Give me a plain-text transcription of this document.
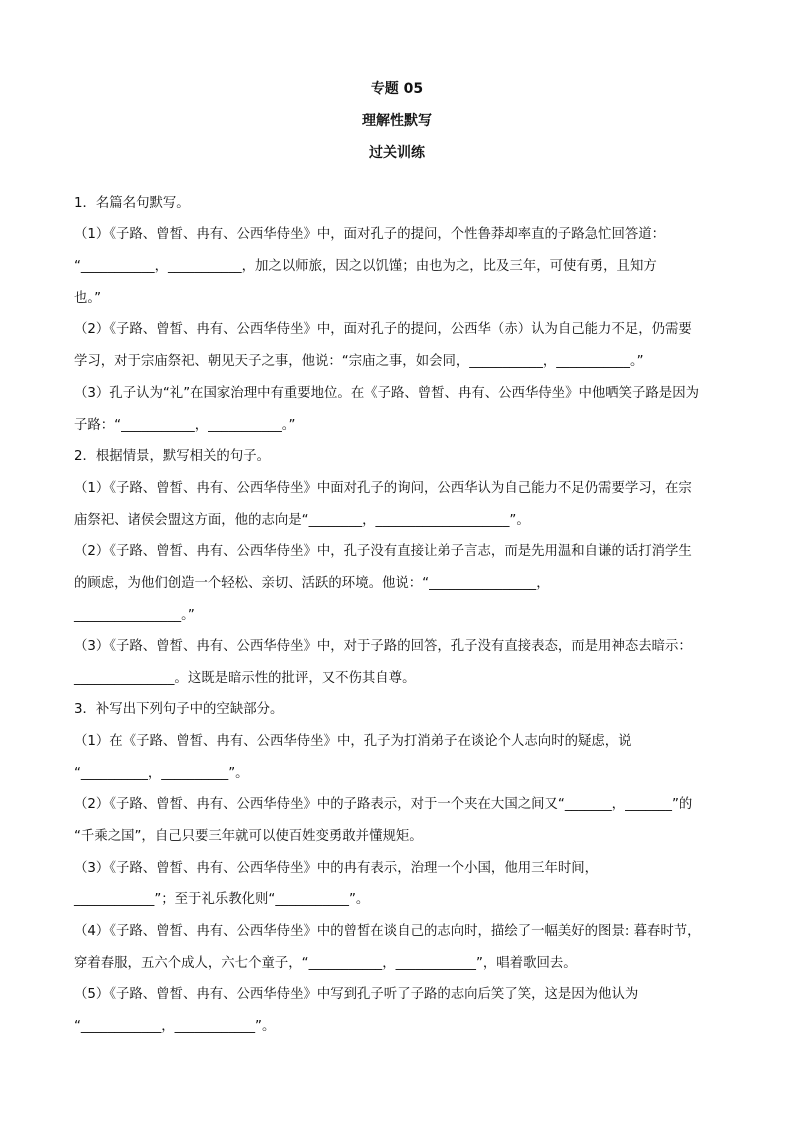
专题 05
理解性默写
过关训练
1．名篇名句默写。
（1）《子路、曾皙、冉有、公西华侍坐》中，面对孔子的提问，个性鲁莽却率直的子路急忙回答道：
“___________，___________，加之以师旅，因之以饥馑；由也为之，比及三年，可使有勇，且知方
也。”
（2）《子路、曾皙、冉有、公西华侍坐》中，面对孔子的提问，公西华（赤）认为自己能力不足，仍需要
学习，对于宗庙祭祀、朝见天子之事，他说：“宗庙之事，如会同，___________，___________。”
（3）孔子认为“礼”在国家治理中有重要地位。在《子路、曾皙、冉有、公西华侍坐》中他哂笑子路是因为
子路：“___________，___________。”
2．根据情景，默写相关的句子。
（1）《子路、曾皙、冉有、公西华侍坐》中面对孔子的询问，公西华认为自己能力不足仍需要学习，在宗
庙祭祀、诸侯会盟这方面，他的志向是“________，____________________”。
（2）《子路、曾皙、冉有、公西华侍坐》中，孔子没有直接让弟子言志，而是先用温和自谦的话打消学生
的顾虑，为他们创造一个轻松、亲切、活跃的环境。他说：“________________，
________________。”
（3）《子路、曾皙、冉有、公西华侍坐》中，对于子路的回答，孔子没有直接表态，而是用神态去暗示：
_______________。这既是暗示性的批评，又不伤其自尊。
3．补写出下列句子中的空缺部分。
（1）在《子路、曾皙、冉有、公西华侍坐》中，孔子为打消弟子在谈论个人志向时的疑虑，说
“__________，__________”。
（2）《子路、曾皙、冉有、公西华侍坐》中的子路表示，对于一个夹在大国之间又“_______，_______”的
“千乘之国”，自己只要三年就可以使百姓变勇敢并懂规矩。
（3）《子路、曾皙、冉有、公西华侍坐》中的冉有表示，治理一个小国，他用三年时间，
____________”；至于礼乐教化则“___________”。
（4）《子路、曾皙、冉有、公西华侍坐》中的曾皙在谈自己的志向时，描绘了一幅美好的图景: 暮春时节，
穿着春服，五六个成人，六七个童子，“___________，____________”，唱着歌回去。
（5）《子路、曾皙、冉有、公西华侍坐》中写到孔子听了子路的志向后笑了笑，这是因为他认为
“____________，____________”。
